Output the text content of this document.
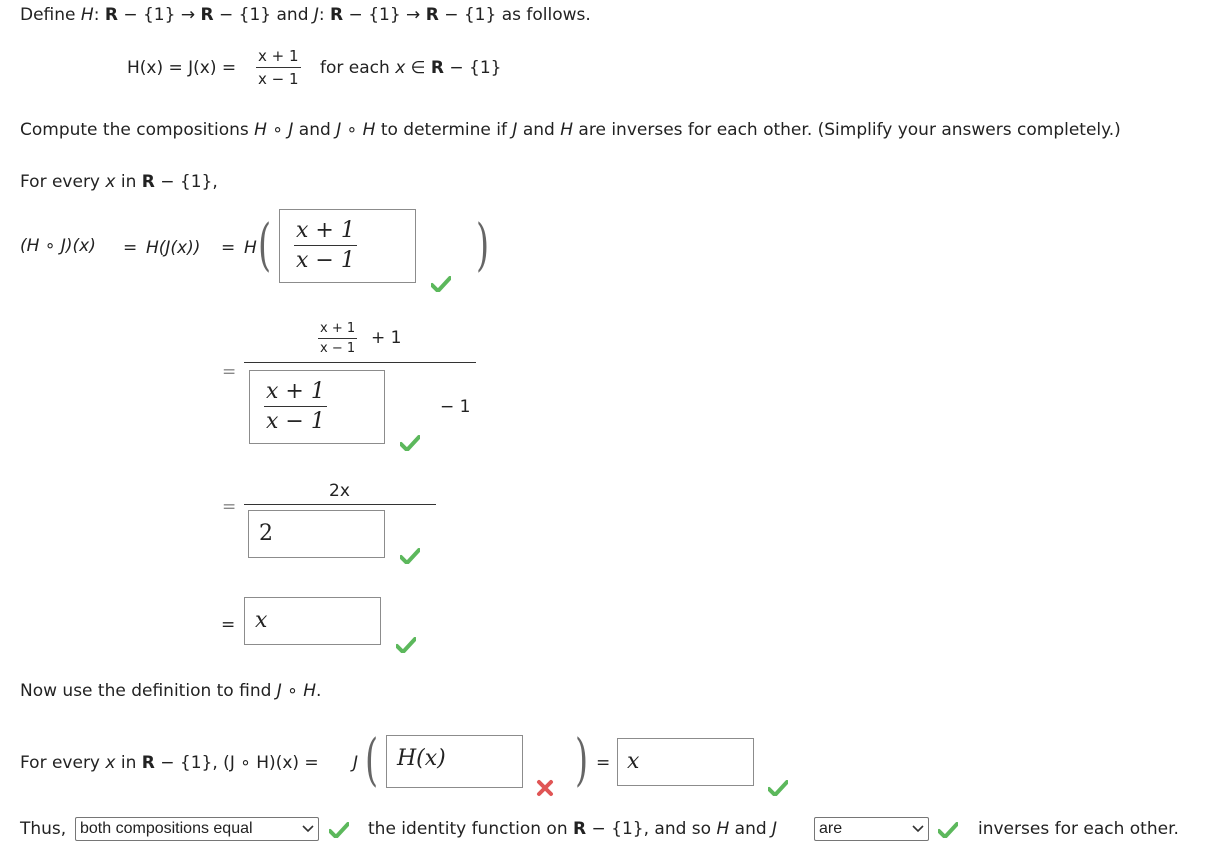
Define H: R − {1} → R − {1} and J: R − {1} → R − {1} as follows.
H(x) = J(x) =
x + 1
x − 1
for each x ∈ R − {1}
Compute the compositions H ∘ J and J ∘ H to determine if J and H are inverses for each other. (Simplify your answers completely.)
For every x in R − {1},
(H ∘ J)(x) = H(J(x)) = H ( x + 1
x − 1 )
x + 1
x − 1
+ 1
=
x + 1
x − 1
− 1
2x
=
2
= x
Now use the definition to find J ∘ H.
For every x in R − {1}, (J ∘ H)(x) = J ( H(x) ) = x
Thus, both compositions equal	the identity function on R − {1}, and so H and J	are	inverses for each other.
